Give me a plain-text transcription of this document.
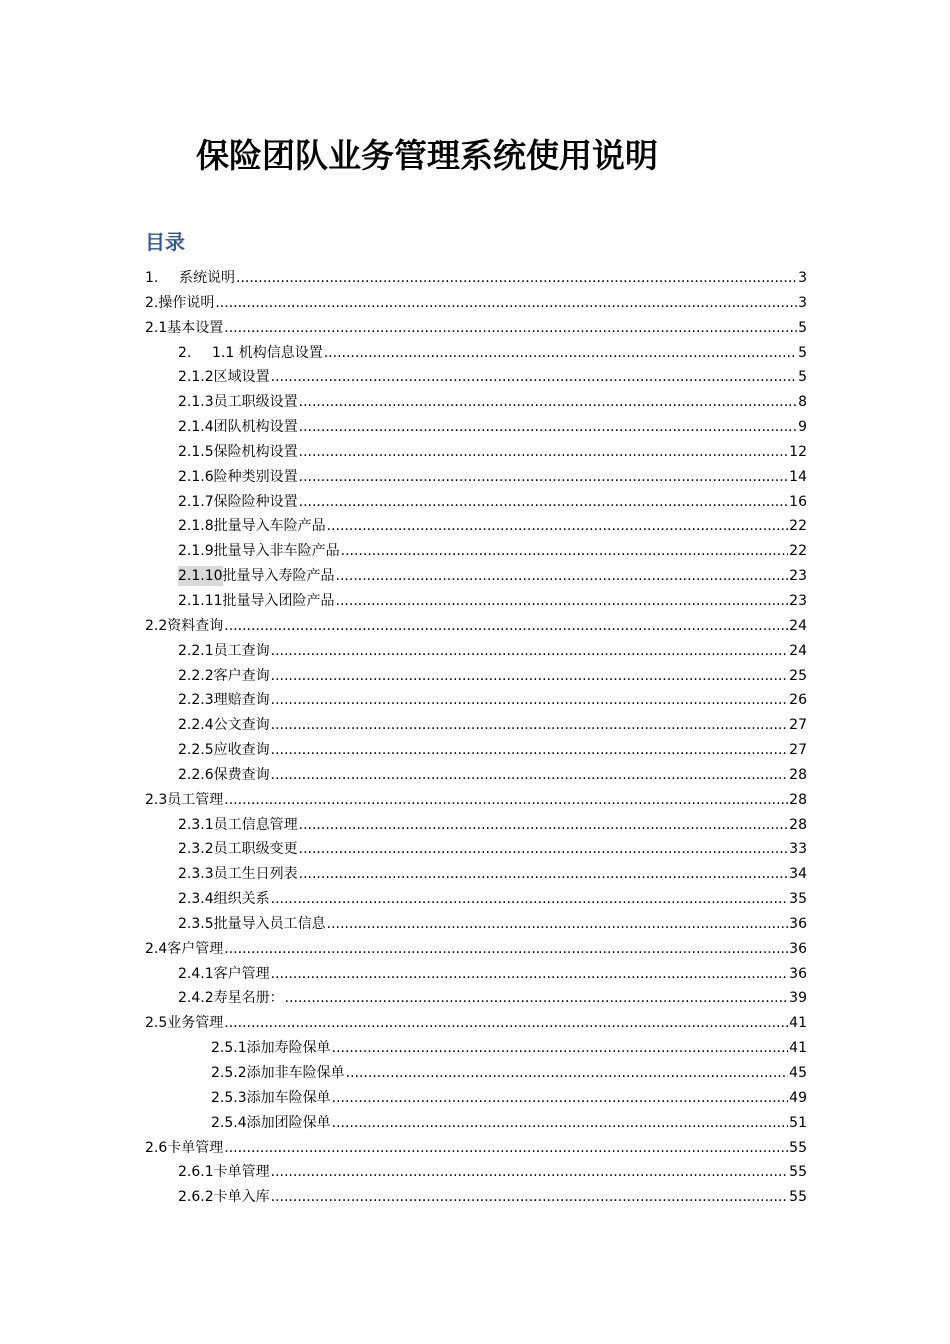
保险团队业务管理系统使用说明
目录
1.	系统说明 .....	3
2. 操作说明 .....	3
2.1 基本设置 .....	5
2.	1.1 机构信息设置 .....	5
2.1.2 区域设置 .....	5
2.1.3 员工职级设置 .....	8
2.1.4 团队机构设置 .....	9
2.1.5 保险机构设置 .....	12
2.1.6 险种类别设置 .....	14
2.1.7 保险险种设置 .....	16
2.1.8 批量导入车险产品 .....	22
2.1.9 批量导入非车险产品 .....	22
2.1.10 批量导入寿险产品 .....	23
2.1.11 批量导入团险产品 .....	23
2.2 资料查询 .....	24
2.2.1 员工查询 .....	24
2.2.2 客户查询 .....	25
2.2.3 理赔查询 .....	26
2.2.4 公文查询 .....	27
2.2.5 应收查询 .....	27
2.2.6 保费查询 .....	28
2.3 员工管理 .....	28
2.3.1 员工信息管理 .....	28
2.3.2 员工职级变更 .....	33
2.3.3 员工生日列表 .....	34
2.3.4 组织关系 .....	35
2.3.5 批量导入员工信息 .....	36
2.4 客户管理 .....	36
2.4.1 客户管理 .....	36
2.4.2 寿星名册： .....	39
2.5 业务管理 .....	41
2.5.1 添加寿险保单 .....	41
2.5.2 添加非车险保单 .....	45
2.5.3 添加车险保单 .....	49
2.5.4 添加团险保单 .....	51
2.6 卡单管理 .....	55
2.6.1 卡单管理 .....	55
2.6.2 卡单入库 .....	55
